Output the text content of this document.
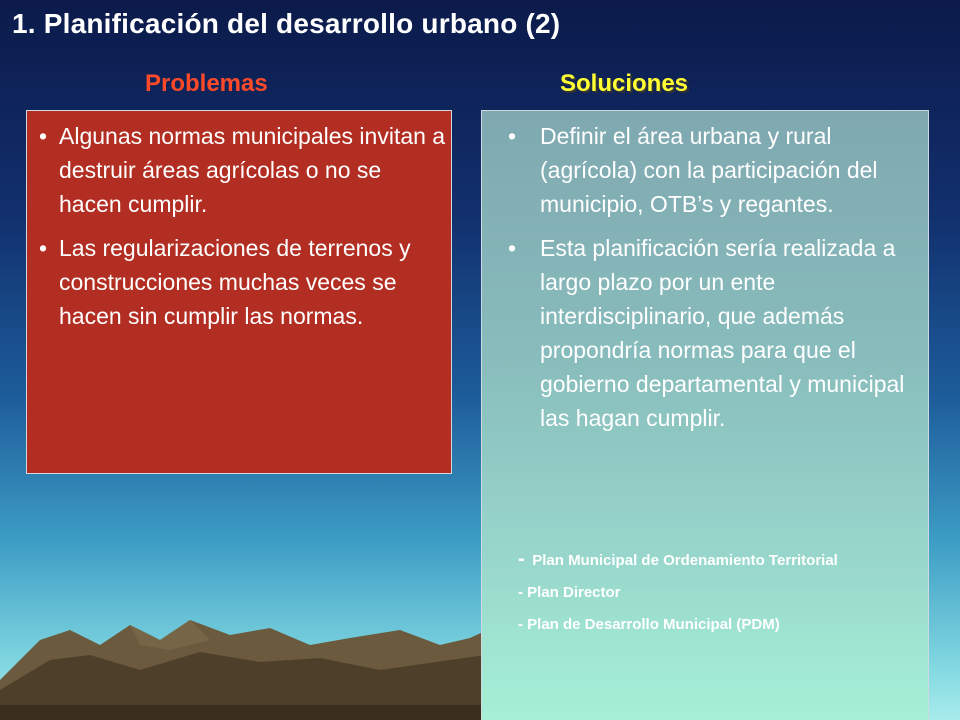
1. Planificación del desarrollo urbano (2)
Problemas	Soluciones
• Algunas normas municipales invitan a destruir áreas agrícolas o no se hacen cumplir.
• Las regularizaciones de terrenos y construcciones muchas veces se hacen sin cumplir las normas.
• Definir el área urbana y rural (agrícola) con la participación del municipio, OTB’s y regantes.
• Esta planificación sería realizada a largo plazo por un ente interdisciplinario, que además propondría normas para que el gobierno departamental y municipal las hagan cumplir.
- Plan Municipal de Ordenamiento Territorial
- Plan Director
- Plan de Desarrollo Municipal (PDM)
